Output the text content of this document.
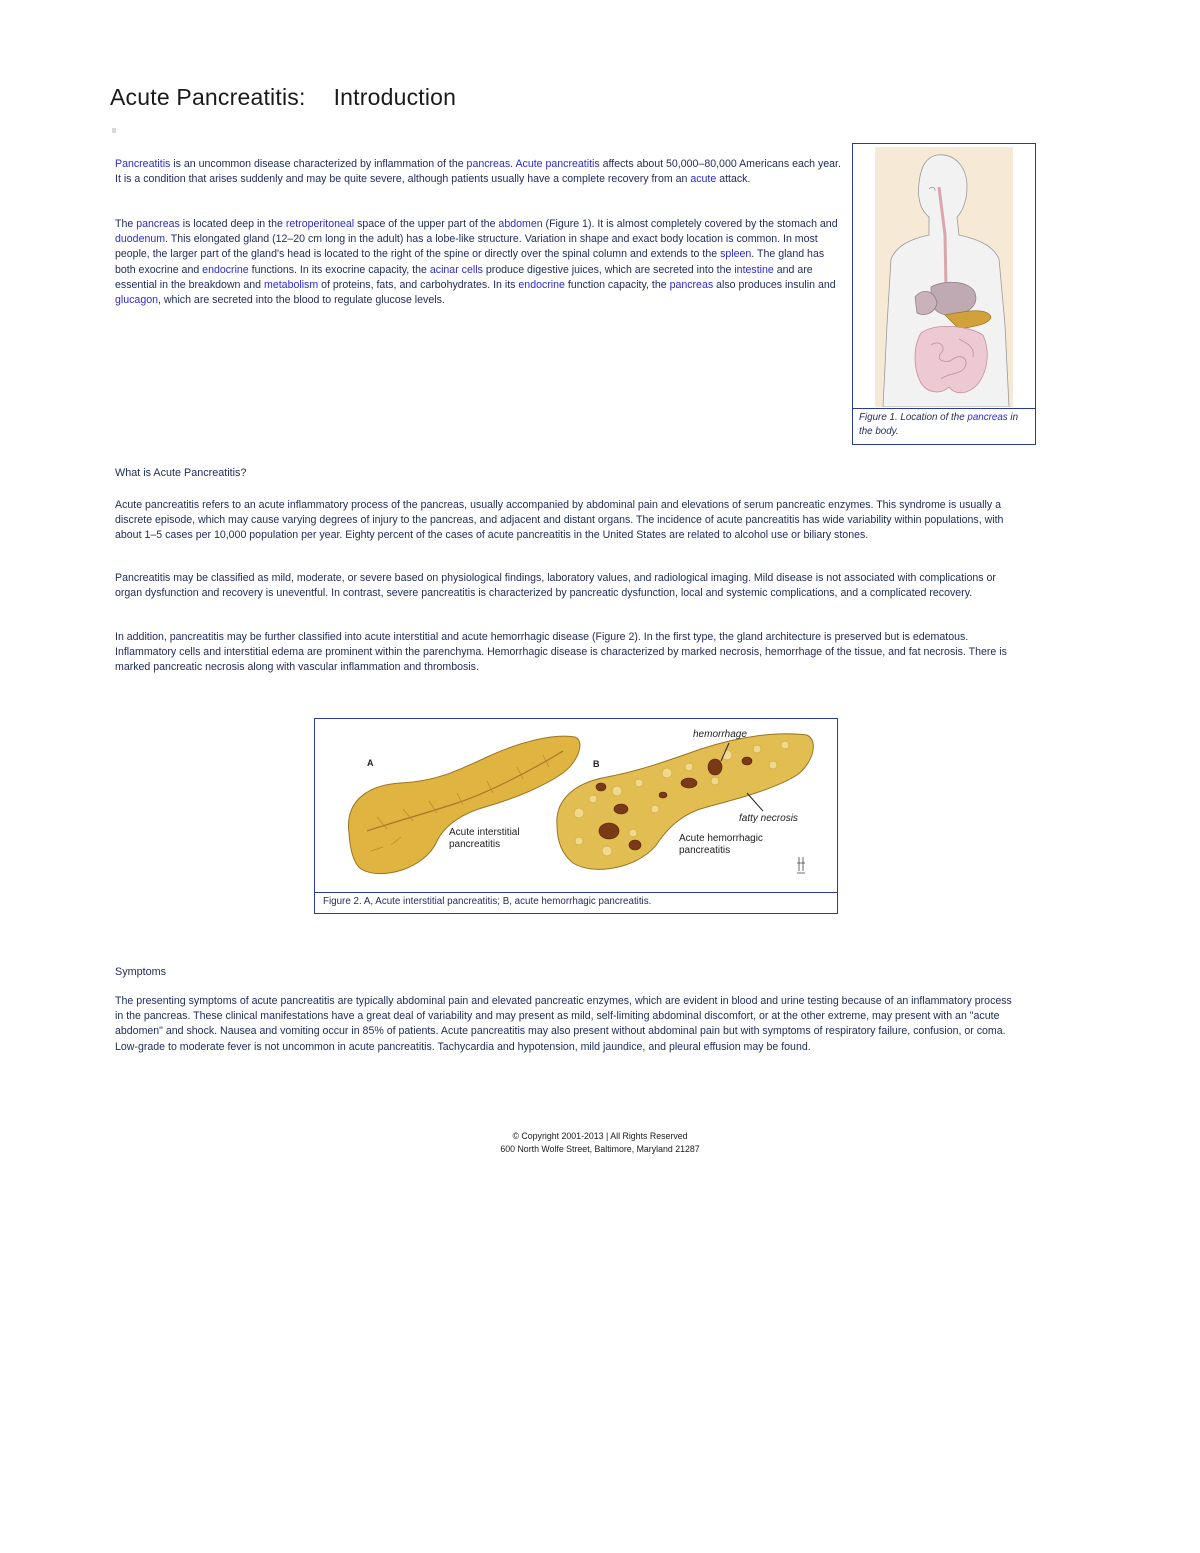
Acute Pancreatitis: Introduction

Pancreatitis is an uncommon disease characterized by inflammation of the pancreas. Acute pancreatitis affects about 50,000–80,000 Americans each year. It is a condition that arises suddenly and may be quite severe, although patients usually have a complete recovery from an acute attack.

The pancreas is located deep in the retroperitoneal space of the upper part of the abdomen (Figure 1). It is almost completely covered by the stomach and duodenum. This elongated gland (12–20 cm long in the adult) has a lobe-like structure. Variation in shape and exact body location is common. In most people, the larger part of the gland's head is located to the right of the spine or directly over the spinal column and extends to the spleen. The gland has both exocrine and endocrine functions. In its exocrine capacity, the acinar cells produce digestive juices, which are secreted into the intestine and are essential in the breakdown and metabolism of proteins, fats, and carbohydrates. In its endocrine function capacity, the pancreas also produces insulin and glucagon, which are secreted into the blood to regulate glucose levels.

Figure 1. Location of the pancreas in the body.
What is Acute Pancreatitis?

Acute pancreatitis refers to an acute inflammatory process of the pancreas, usually accompanied by abdominal pain and elevations of serum pancreatic enzymes. This syndrome is usually a discrete episode, which may cause varying degrees of injury to the pancreas, and adjacent and distant organs. The incidence of acute pancreatitis has wide variability within populations, with about 1–5 cases per 10,000 population per year. Eighty percent of the cases of acute pancreatitis in the United States are related to alcohol use or biliary stones.

Pancreatitis may be classified as mild, moderate, or severe based on physiological findings, laboratory values, and radiological imaging. Mild disease is not associated with complications or organ dysfunction and recovery is uneventful. In contrast, severe pancreatitis is characterized by pancreatic dysfunction, local and systemic complications, and a complicated recovery.

In addition, pancreatitis may be further classified into acute interstitial and acute hemorrhagic disease (Figure 2). In the first type, the gland architecture is preserved but is edematous. Inflammatory cells and interstitial edema are prominent within the parenchyma. Hemorrhagic disease is characterized by marked necrosis, hemorrhage of the tissue, and fat necrosis. There is marked pancreatic necrosis along with vascular inflammation and thrombosis.

A
Acute interstitial
pancreatitis
B
hemorrhage
fatty necrosis
Acute hemorrhagic
pancreatitis
Figure 2. A, Acute interstitial pancreatitis; B, acute hemorrhagic pancreatitis.
Symptoms

The presenting symptoms of acute pancreatitis are typically abdominal pain and elevated pancreatic enzymes, which are evident in blood and urine testing because of an inflammatory process in the pancreas. These clinical manifestations have a great deal of variability and may present as mild, self-limiting abdominal discomfort, or at the other extreme, may present with an "acute abdomen" and shock. Nausea and vomiting occur in 85% of patients. Acute pancreatitis may also present without abdominal pain but with symptoms of respiratory failure, confusion, or coma. Low-grade to moderate fever is not uncommon in acute pancreatitis. Tachycardia and hypotension, mild jaundice, and pleural effusion may be found.

© Copyright 2001-2013 | All Rights Reserved
600 North Wolfe Street, Baltimore, Maryland 21287
